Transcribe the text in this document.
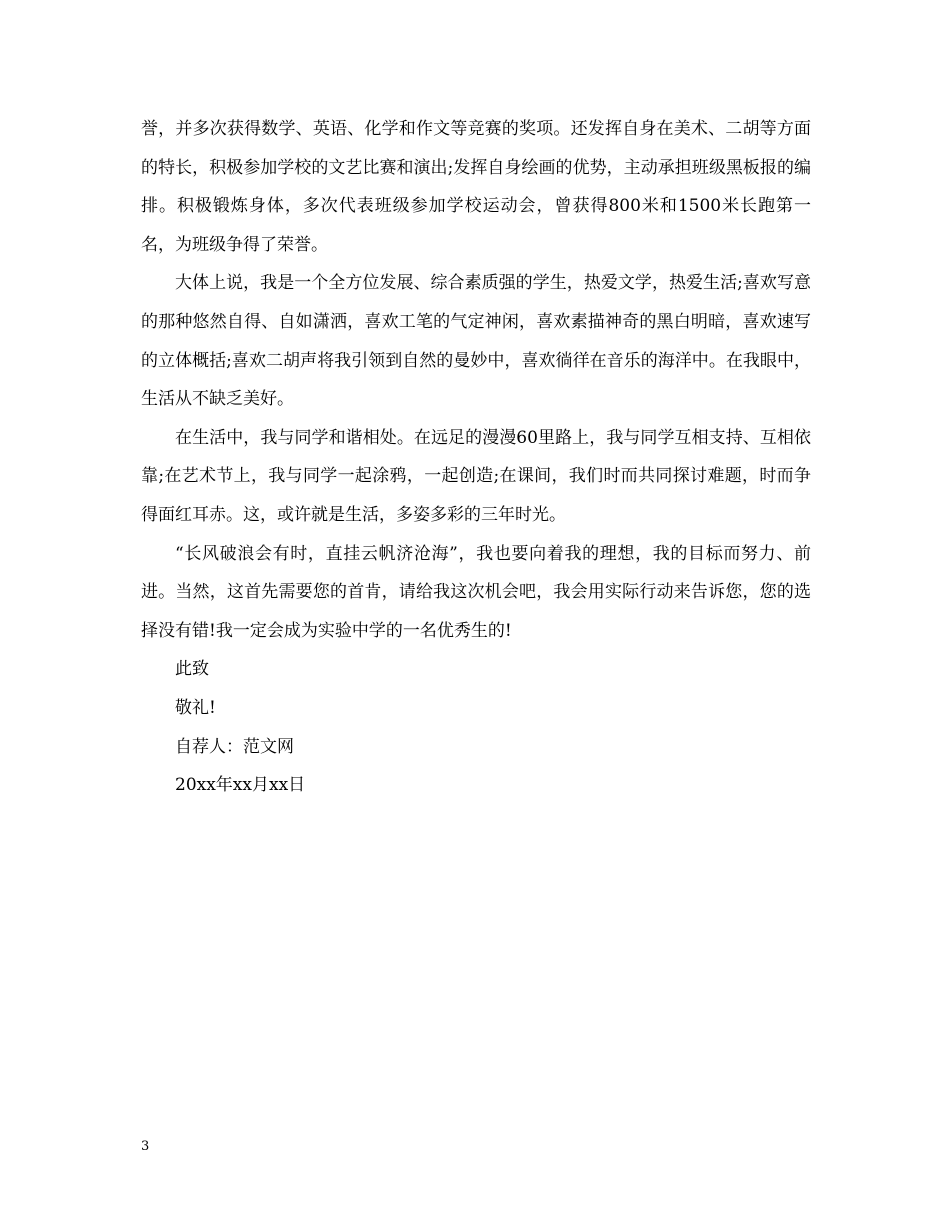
誉，并多次获得数学、英语、化学和作文等竞赛的奖项。还发挥自身在美术、二胡等方面的特长，积极参加学校的文艺比赛和演出;发挥自身绘画的优势，主动承担班级黑板报的编排。积极锻炼身体，多次代表班级参加学校运动会，曾获得800米和1500米长跑第一名，为班级争得了荣誉。

大体上说，我是一个全方位发展、综合素质强的学生，热爱文学，热爱生活;喜欢写意的那种悠然自得、自如潇洒，喜欢工笔的气定神闲，喜欢素描神奇的黑白明暗，喜欢速写的立体概括;喜欢二胡声将我引领到自然的曼妙中，喜欢徜徉在音乐的海洋中。在我眼中，生活从不缺乏美好。

在生活中，我与同学和谐相处。在远足的漫漫60里路上，我与同学互相支持、互相依靠;在艺术节上，我与同学一起涂鸦，一起创造;在课间，我们时而共同探讨难题，时而争得面红耳赤。这，或许就是生活，多姿多彩的三年时光。

“长风破浪会有时，直挂云帆济沧海”，我也要向着我的理想，我的目标而努力、前进。当然，这首先需要您的首肯，请给我这次机会吧，我会用实际行动来告诉您，您的选择没有错!我一定会成为实验中学的一名优秀生的!

此致

敬礼!

自荐人：范文网

20xx年xx月xx日

3
